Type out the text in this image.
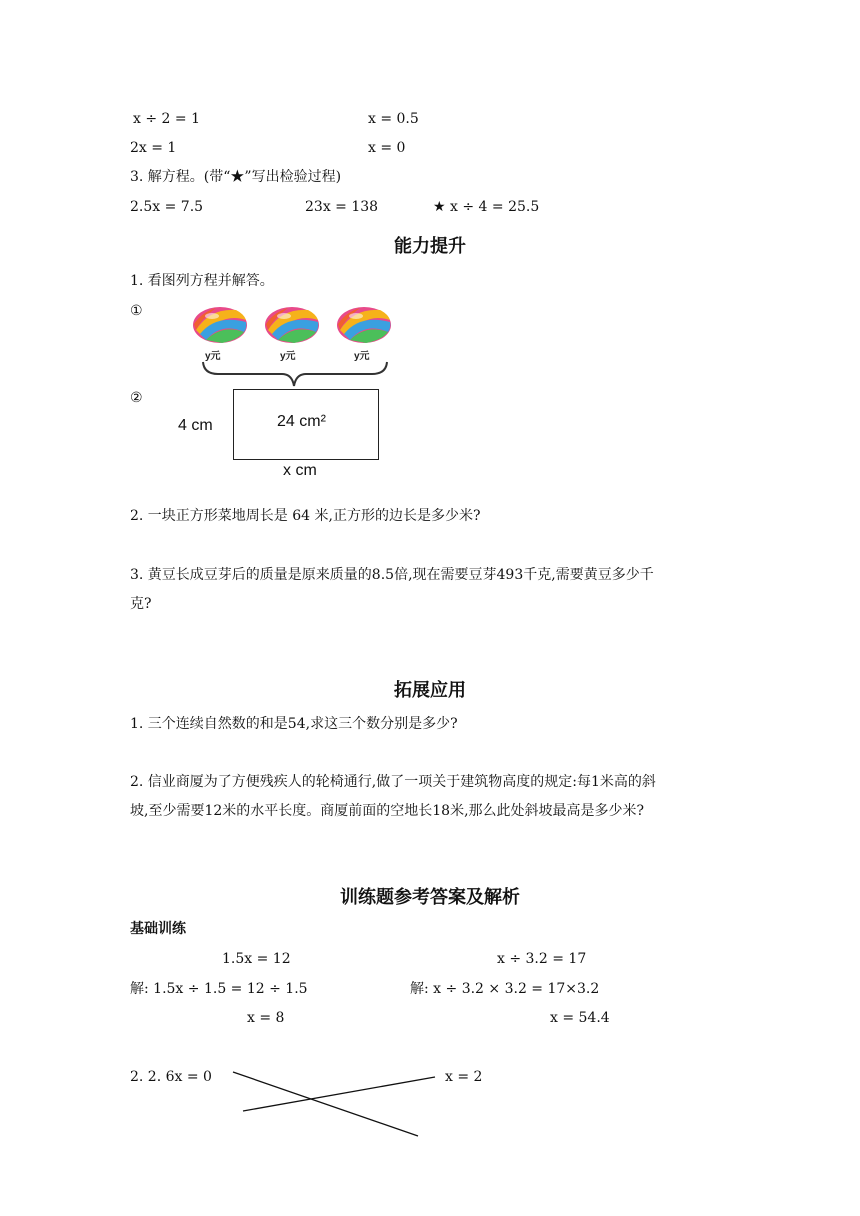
x ÷ 2 = 1	x = 0.5
2x = 1	x = 0
3. 解方程。(带“★”写出检验过程)
2.5x = 7.5	23x = 138	★ x ÷ 4 = 25.5
能力提升
1. 看图列方程并解答。
①
y元	y元	y元
②
24 cm²
4 cm
x cm
2. 一块正方形菜地周长是 64 米,正方形的边长是多少米?
3. 黄豆长成豆芽后的质量是原来质量的8.5倍,现在需要豆芽493千克,需要黄豆多少千
克?
拓展应用
1. 三个连续自然数的和是54,求这三个数分别是多少?
2. 信业商厦为了方便残疾人的轮椅通行,做了一项关于建筑物高度的规定:每1米高的斜
坡,至少需要12米的水平长度。商厦前面的空地长18米,那么此处斜坡最高是多少米?
训练题参考答案及解析
基础训练
1.5x = 12
解: 1.5x ÷ 1.5 = 12 ÷ 1.5
x = 8
x ÷ 3.2 = 17
解: x ÷ 3.2 × 3.2 = 17×3.2
x = 54.4
2. 2. 6x = 0	x = 2
